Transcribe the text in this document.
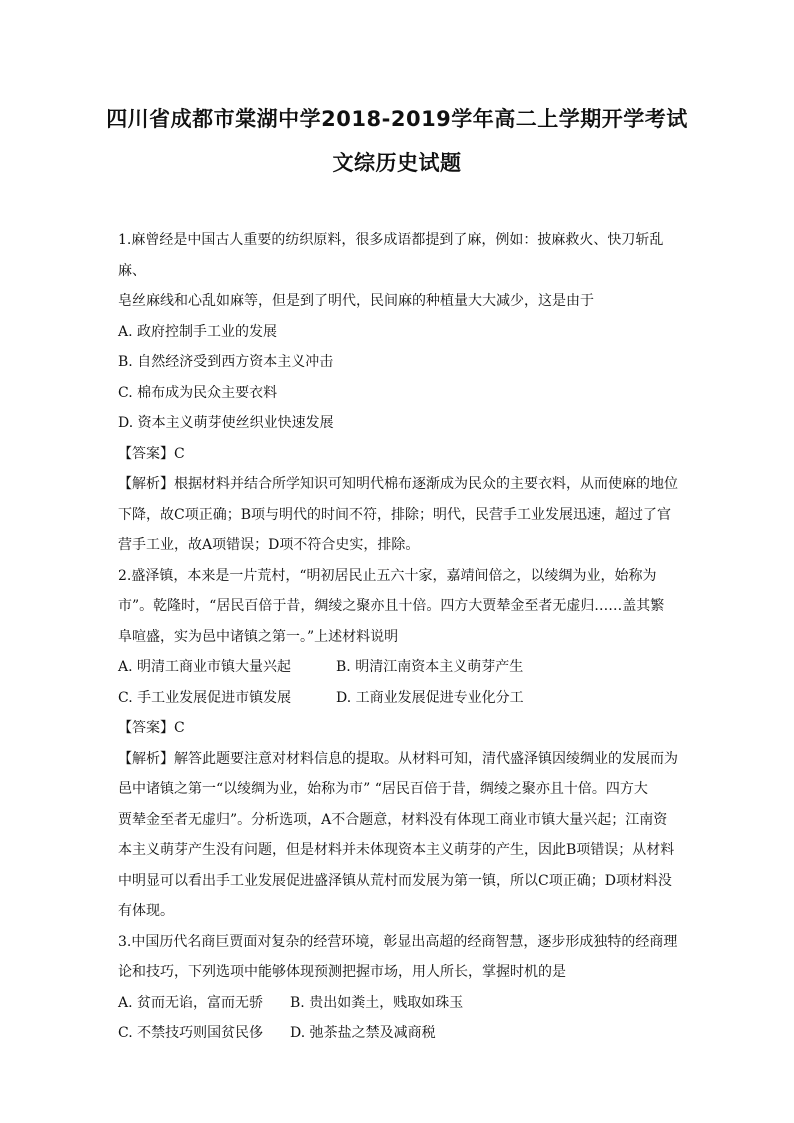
四川省成都市棠湖中学2018-2019学年高二上学期开学考试
文综历史试题

1.麻曾经是中国古人重要的纺织原料，很多成语都提到了麻，例如：披麻救火、快刀斩乱麻、

皂丝麻线和心乱如麻等，但是到了明代，民间麻的种植量大大减少，这是由于

A. 政府控制手工业的发展

B. 自然经济受到西方资本主义冲击

C. 棉布成为民众主要衣料

D. 资本主义萌芽使丝织业快速发展

【答案】C

【解析】根据材料并结合所学知识可知明代棉布逐渐成为民众的主要衣料，从而使麻的地位

下降，故C项正确；B项与明代的时间不符，排除；明代，民营手工业发展迅速，超过了官

营手工业，故A项错误；D项不符合史实，排除。

2.盛泽镇，本来是一片荒村，“明初居民止五六十家，嘉靖间倍之，以绫绸为业，始称为

市”。乾隆时，“居民百倍于昔，绸绫之聚亦且十倍。四方大贾辇金至者无虚归……盖其繁

阜喧盛，实为邑中诸镇之第一。”上述材料说明

A. 明清工商业市镇大量兴起	B. 明清江南资本主义萌芽产生
C. 手工业发展促进市镇发展	D. 工商业发展促进专业化分工

【答案】C

【解析】解答此题要注意对材料信息的提取。从材料可知，清代盛泽镇因绫绸业的发展而为

邑中诸镇之第一“以绫绸为业，始称为市” “居民百倍于昔，绸绫之聚亦且十倍。四方大

贾辇金至者无虚归”。分析选项，A不合题意，材料没有体现工商业市镇大量兴起；江南资

本主义萌芽产生没有问题，但是材料并未体现资本主义萌芽的产生，因此B项错误；从材料

中明显可以看出手工业发展促进盛泽镇从荒村而发展为第一镇，所以C项正确；D项材料没

有体现。

3.中国历代名商巨贾面对复杂的经营环境，彰显出高超的经商智慧，逐步形成独特的经商理

论和技巧，下列选项中能够体现预测把握市场，用人所长，掌握时机的是

A. 贫而无谄，富而无骄	B. 贵出如粪土，贱取如珠玉
C. 不禁技巧则国贫民侈	D. 弛茶盐之禁及减商税
